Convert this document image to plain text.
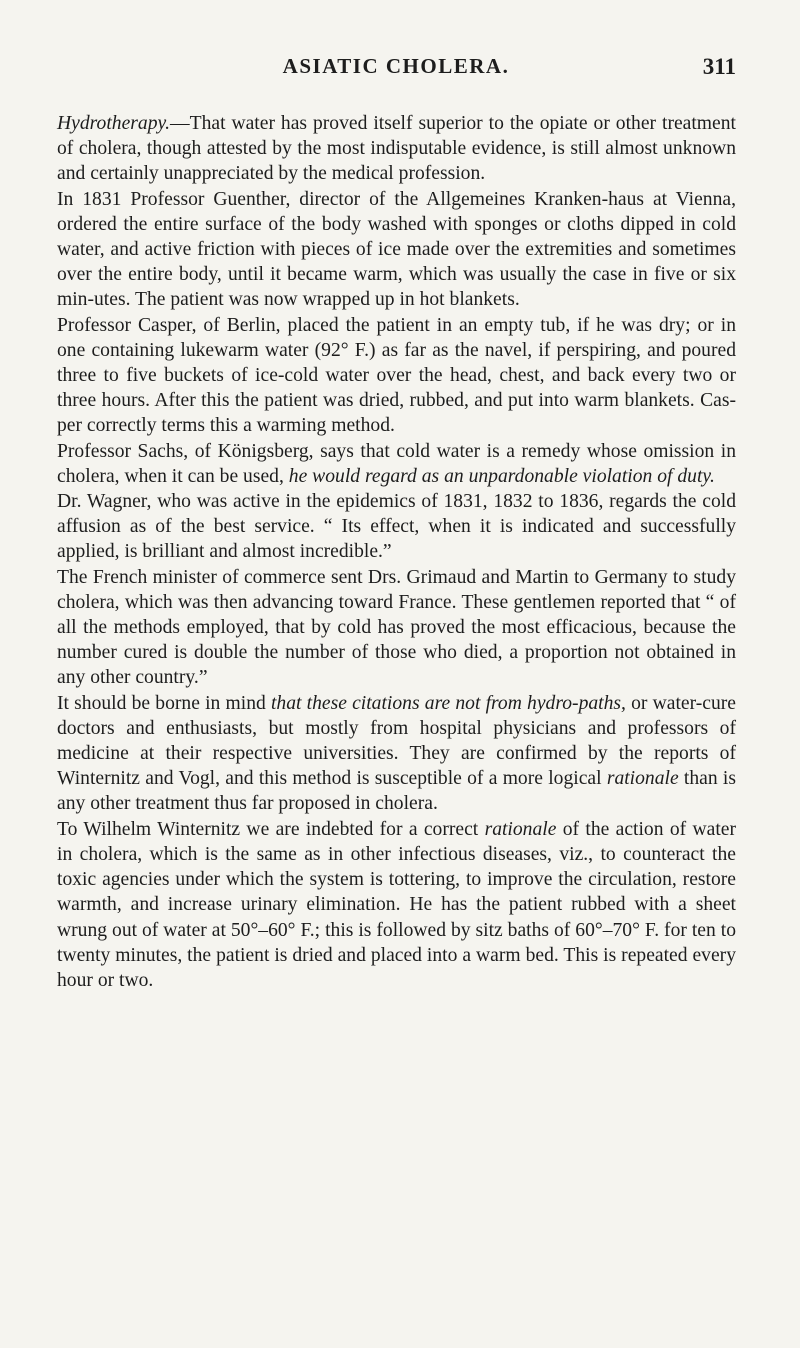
ASIATIC CHOLERA.	311

Hydrotherapy.—That water has proved itself superior to the opiate or other treatment of cholera, though attested by the most indisputable evidence, is still almost unknown and certainly unappreciated by the medical profession.

In 1831 Professor Guenther, director of the Allgemeines Kranken-haus at Vienna, ordered the entire surface of the body washed with sponges or cloths dipped in cold water, and active friction with pieces of ice made over the extremities and sometimes over the entire body, until it became warm, which was usually the case in five or six min-utes. The patient was now wrapped up in hot blankets.

Professor Casper, of Berlin, placed the patient in an empty tub, if he was dry; or in one containing lukewarm water (92° F.) as far as the navel, if perspiring, and poured three to five buckets of ice-cold water over the head, chest, and back every two or three hours. After this the patient was dried, rubbed, and put into warm blankets. Cas-per correctly terms this a warming method.

Professor Sachs, of Königsberg, says that cold water is a remedy whose omission in cholera, when it can be used, he would regard as an unpardonable violation of duty.

Dr. Wagner, who was active in the epidemics of 1831, 1832 to 1836, regards the cold affusion as of the best service. “ Its effect, when it is indicated and successfully applied, is brilliant and almost incredible.”

The French minister of commerce sent Drs. Grimaud and Martin to Germany to study cholera, which was then advancing toward France. These gentlemen reported that “ of all the methods employed, that by cold has proved the most efficacious, because the number cured is double the number of those who died, a proportion not obtained in any other country.”

It should be borne in mind that these citations are not from hydro-paths, or water-cure doctors and enthusiasts, but mostly from hospital physicians and professors of medicine at their respective universities. They are confirmed by the reports of Winternitz and Vogl, and this method is susceptible of a more logical rationale than is any other treatment thus far proposed in cholera.

To Wilhelm Winternitz we are indebted for a correct rationale of the action of water in cholera, which is the same as in other infectious diseases, viz., to counteract the toxic agencies under which the system is tottering, to improve the circulation, restore warmth, and increase urinary elimination. He has the patient rubbed with a sheet wrung out of water at 50°–60° F.; this is followed by sitz baths of 60°–70° F. for ten to twenty minutes, the patient is dried and placed into a warm bed. This is repeated every hour or two.
